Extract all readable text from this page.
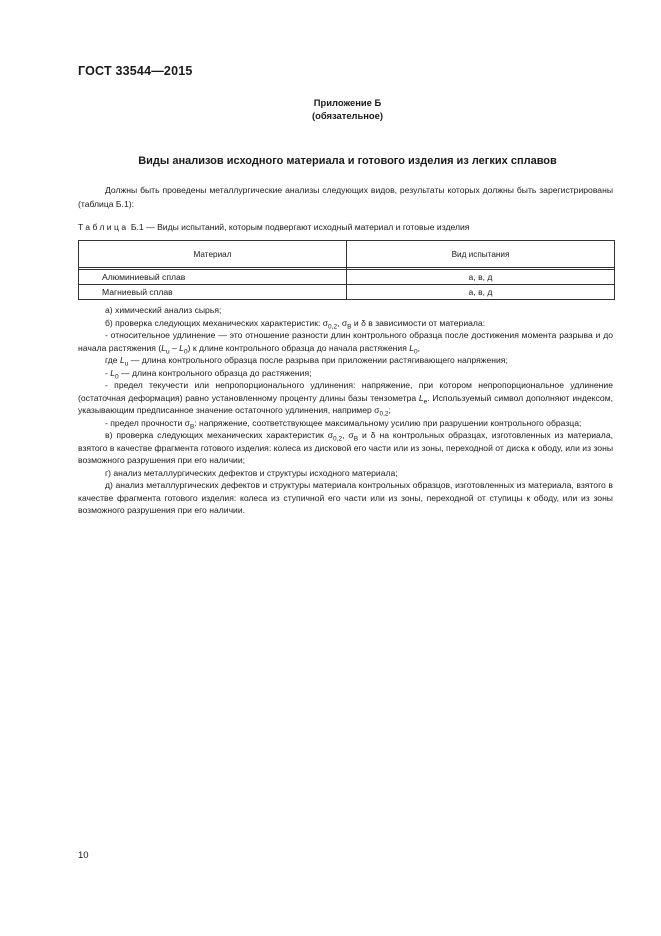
ГОСТ 33544—2015
Приложение Б
(обязательное)
Виды анализов исходного материала и готового изделия из легких сплавов
Должны быть проведены металлургические анализы следующих видов, результаты которых должны быть зарегистрированы (таблица Б.1):
Таблица Б.1 — Виды испытаний, которым подвергают исходный материал и готовые изделия
Материал	Вид испытания

Алюминиевый сплав	а, в, д
Магниевый сплав	а, в, д

а) химический анализ сырья;

б) проверка следующих механических характеристик: $\sigma_{0,2}$, $\sigma_В$ и δ в зависимости от материала:

- относительное удлинение — это отношение разности длин контрольного образца после достижения момента разрыва и до начала растяжения $(L_u - L_0)$ к длине контрольного образца до начала растяжения $L_0$,

где $L_u$ — длина контрольного образца после разрыва при приложении растягивающего напряжения;

- $L_0$ — длина контрольного образца до растяжения;

- предел текучести или непропорционального удлинения: напряжение, при котором непропорциональное удлинение (остаточная деформация) равно установленному проценту длины базы тензометра $L_e$. Используемый символ дополняют индексом, указывающим предписанное значение остаточного удлинения, например $\sigma_{0,2}$;

- предел прочности $\sigma_В$: напряжение, соответствующее максимальному усилию при разрушении контрольного образца;

в) проверка следующих механических характеристик $\sigma_{0,2}$, $\sigma_В$ и δ на контрольных образцах, изготовленных из материала, взятого в качестве фрагмента готового изделия: колеса из дисковой его части или из зоны, переходной от диска к ободу, или из зоны возможного разрушения при его наличии;

г) анализ металлургических дефектов и структуры исходного материала;

д) анализ металлургических дефектов и структуры материала контрольных образцов, изготовленных из материала, взятого в качестве фрагмента готового изделия: колеса из ступичной его части или из зоны, переходной от ступицы к ободу, или из зоны возможного разрушения при его наличии.

10
